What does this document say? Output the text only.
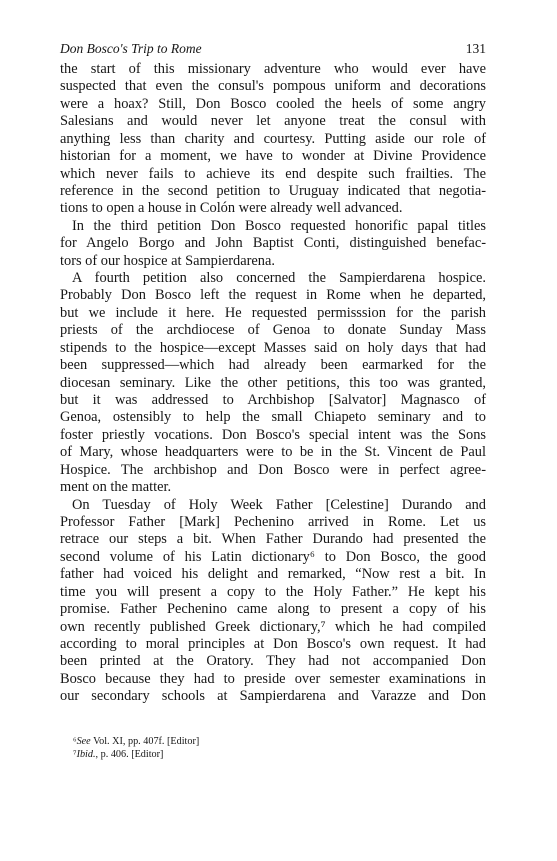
Don Bosco's Trip to Rome	131
the start of this missionary adventure who would ever have
suspected that even the consul's pompous uniform and decorations
were a hoax? Still, Don Bosco cooled the heels of some angry
Salesians and would never let anyone treat the consul with
anything less than charity and courtesy. Putting aside our role of
historian for a moment, we have to wonder at Divine Providence
which never fails to achieve its end despite such frailties. The
reference in the second petition to Uruguay indicated that negotia-
tions to open a house in Colón were already well advanced.
In the third petition Don Bosco requested honorific papal titles
for Angelo Borgo and John Baptist Conti, distinguished benefac-
tors of our hospice at Sampierdarena.
A fourth petition also concerned the Sampierdarena hospice.
Probably Don Bosco left the request in Rome when he departed,
but we include it here. He requested permisssion for the parish
priests of the archdiocese of Genoa to donate Sunday Mass
stipends to the hospice—except Masses said on holy days that had
been suppressed—which had already been earmarked for the
diocesan seminary. Like the other petitions, this too was granted,
but it was addressed to Archbishop [Salvator] Magnasco of
Genoa, ostensibly to help the small Chiapeto seminary and to
foster priestly vocations. Don Bosco's special intent was the Sons
of Mary, whose headquarters were to be in the St. Vincent de Paul
Hospice. The archbishop and Don Bosco were in perfect agree-
ment on the matter.
On Tuesday of Holy Week Father [Celestine] Durando and
Professor Father [Mark] Pechenino arrived in Rome. Let us
retrace our steps a bit. When Father Durando had presented the
second volume of his Latin dictionary⁶ to Don Bosco, the good
father had voiced his delight and remarked, “Now rest a bit. In
time you will present a copy to the Holy Father.” He kept his
promise. Father Pechenino came along to present a copy of his
own recently published Greek dictionary,⁷ which he had compiled
according to moral principles at Don Bosco's own request. It had
been printed at the Oratory. They had not accompanied Don
Bosco because they had to preside over semester examinations in
our secondary schools at Sampierdarena and Varazze and Don
⁶See Vol. XI, pp. 407f. [Editor]
⁷Ibid., p. 406. [Editor]
